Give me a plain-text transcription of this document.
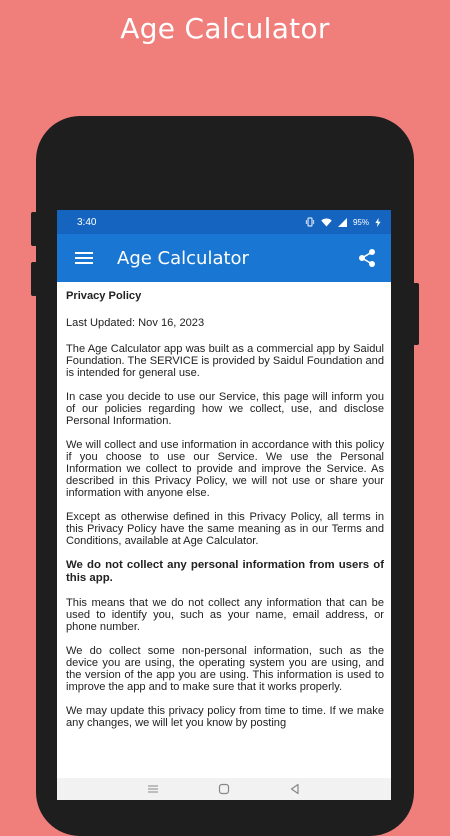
Age Calculator
3:40	95%
Age Calculator

Privacy Policy

Last Updated: Nov 16, 2023

The Age Calculator app was built as a commercial app by Saidul Foundation. The SERVICE is provided by Saidul Foundation and is intended for general use.

In case you decide to use our Service, this page will inform you of our policies regarding how we collect, use, and disclose Personal Information.

We will collect and use information in accordance with this policy if you choose to use our Service. We use the Personal Information we collect to provide and improve the Service. As described in this Privacy Policy, we will not use or share your information with anyone else.

Except as otherwise defined in this Privacy Policy, all terms in this Privacy Policy have the same meaning as in our Terms and Conditions, available at Age Calculator.

We do not collect any personal information from users of this app.

This means that we do not collect any information that can be used to identify you, such as your name, email address, or phone number.

We do collect some non-personal information, such as the device you are using, the operating system you are using, and the version of the app you are using. This information is used to improve the app and to make sure that it works properly.

We may update this privacy policy from time to time. If we make any changes, we will let you know by posting
